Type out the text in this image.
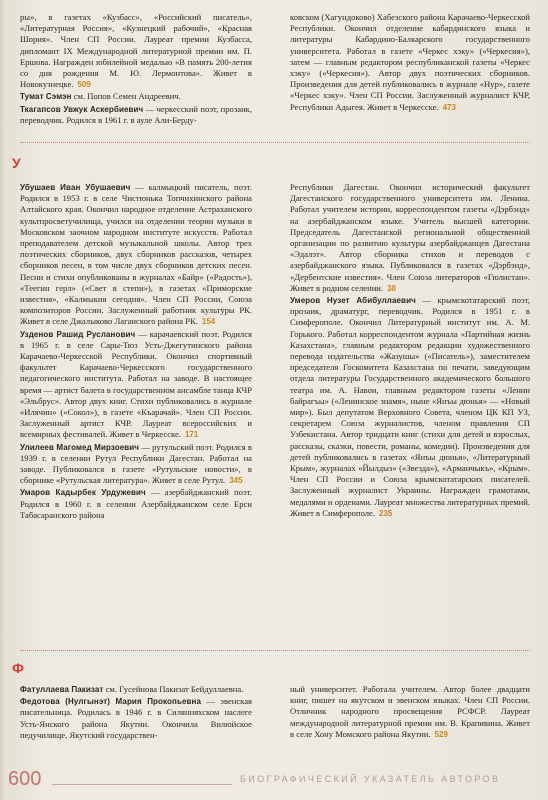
ры», в газетах «Кузбасс», «Российский писатель», «Литературная Россия», «Кузнецкий рабочий», «Красная Шория». Член СП России. Лауреат премии Кузбасса, дипломант IX Международной литературной премии им. П. Ершова. Награжден юбилейной медалью «В память 200-летия со дня рождения М. Ю. Лермонтова». Живет в Новокузнецке. 509

Тумат Сэмэн см. Попов Семен Андреевич.

Ткагапсов Увжук Аскербиевич — черкесский поэт, прозаик, переводчик. Родился в 1961 г. в ауле Али-Берду-

ковском (Хагундоково) Хабезского района Карачаево-Черкесской Республики. Окончил отделение кабардинского языка и литературы Кабардино-Балкарского государственного университета. Работал в газете «Черкес хэку» («Черкесия»), затем — главным редактором республиканской газеты «Черкес хэку» («Черкесия»). Автор двух поэтических сборников. Произведения для детей публиковались в журнале «Нур», газете «Черкес хэку». Член СП России. Заслуженный журналист КЧР, Республики Адыгея. Живет в Черкесске. 473

У

Убушаев Иван Убушаевич — калмыцкий писатель, поэт. Родился в 1953 г. в селе Чистюнька Топчихинского района Алтайского края. Окончил народное отделение Астраханского культпросветучилища, учился на отделении теории музыки в Московском заочном народном институте искусств. Работал преподавателем детской музыкальной школы. Автор трех поэтических сборников, двух сборников рассказов, четырех сборников песен, в том числе двух сборников детских песен. Песни и стихи опубликованы в журналах «Байр» («Радость»), «Теегин герл» («Свет в степи»), в газетах «Приморские известия», «Калмыкия сегодня». Член СП России, Союза композиторов России. Заслуженный работник культуры РК. Живет в селе Джалыково Лаганского района РК. 154

Узденов Рашид Русланович — карачаевский поэт. Родился в 1965 г. в селе Сары-Тюз Усть-Джегутинского района Карачаево-Черкесской Республики. Окончил спортивный факультет Карачаево-Черкесского государственного педагогического института. Работал на заводе. В настоящее время — артист балета в государственном ансамбле танца КЧР «Эльбрус». Автор двух книг. Стихи публиковались в журнале «Илячин» («Сокол»), в газете «Къарачай». Член СП России. Заслуженный артист КЧР. Лауреат всероссийских и всемирных фестивалей. Живет в Черкесске. 171

Улилеев Магомед Мирзоевич — рутульский поэт. Родился в 1939 г. в селении Рутул Республики Дагестан. Работал на заводе. Публиковался в газете «Рутульские новости», в сборнике «Рутульская литература». Живет в селе Рутул. 345

Умаров Кадырбек Урдужевич — азербайджанский поэт. Родился в 1960 г. в селении Азербайджанском селе Ерси Табасаранского района

Республики Дагестан. Окончил исторический факультет Дагестанского государственного университета им. Ленина. Работал учителем истории, корреспондентом газеты «Дэрбэнд» на азербайджанском языке. Учитель высшей категории. Председатель Дагестанской региональной общественной организации по развитию культуры азербайджанцев Дагестана «Эдалэт». Автор сборника стихов и переводов с азербайджанского языка. Публиковался в газетах «Дэрбэнд», «Дербентские известия». Член Союза литераторов «Гюлистан». Живет в родном селении. 38

Умеров Нузет Абибуллаевич — крымскотатарский поэт, прозаик, драматург, переводчик. Родился в 1951 г. в Симферополе. Окончил Литературный институт им. А. М. Горького. Работал корреспондентом журнала «Партийная жизнь Казахстана», главным редактором редакции художественного перевода издательства «Жазушы» («Писатель»), заместителем председателя Госкомитета Казахстана по печати, заведующим отдела литературы Государственного академического большого театра им. А. Навои, главным редактором газеты «Ленин байрагъы» («Ленинское знамя», ныне «Янъы дюнья» — «Новый мир»). Был депутатом Верховного Совета, членом ЦК КП УЗ, секретарем Союза журналистов, членом правления СП Узбекистана. Автор тридцати книг (стихи для детей и взрослых, рассказы, сказки, повести, романы, комедии). Произведения для детей публиковались в газетах «Янъы дюнья», «Литературный Крым», журналах «Йылдыз» («Звезда»), «Арманчыкъ», «Крым». Член СП России и Союза крымскотатарских писателей. Заслуженный журналист Украины. Награжден грамотами, медалями и орденами. Лауреат множества литературных премий. Живет в Симферополе. 235

Ф

Фатуллаева Пакизат см. Гусейнова Пакизат Бейдуллаевна.

Федотова (Нулгынэт) Мария Прокопьевна — эвенская писательница. Родилась в 1946 г. в Силянняхском наслеге Усть-Янского района Якутии. Окончила Вилюйское педучилище, Якутский государствен-

ный университет. Работала учителем. Автор более двадцати книг, пишет на якутском и эвенском языках. Член СП России. Отличник народного просвещения РСФСР. Лауреат международной литературной премии им. В. Крапивина. Живет в селе Хону Момского района Якутии. 529

600	БИОГРАФИЧЕСКИЙ УКАЗАТЕЛЬ АВТОРОВ
